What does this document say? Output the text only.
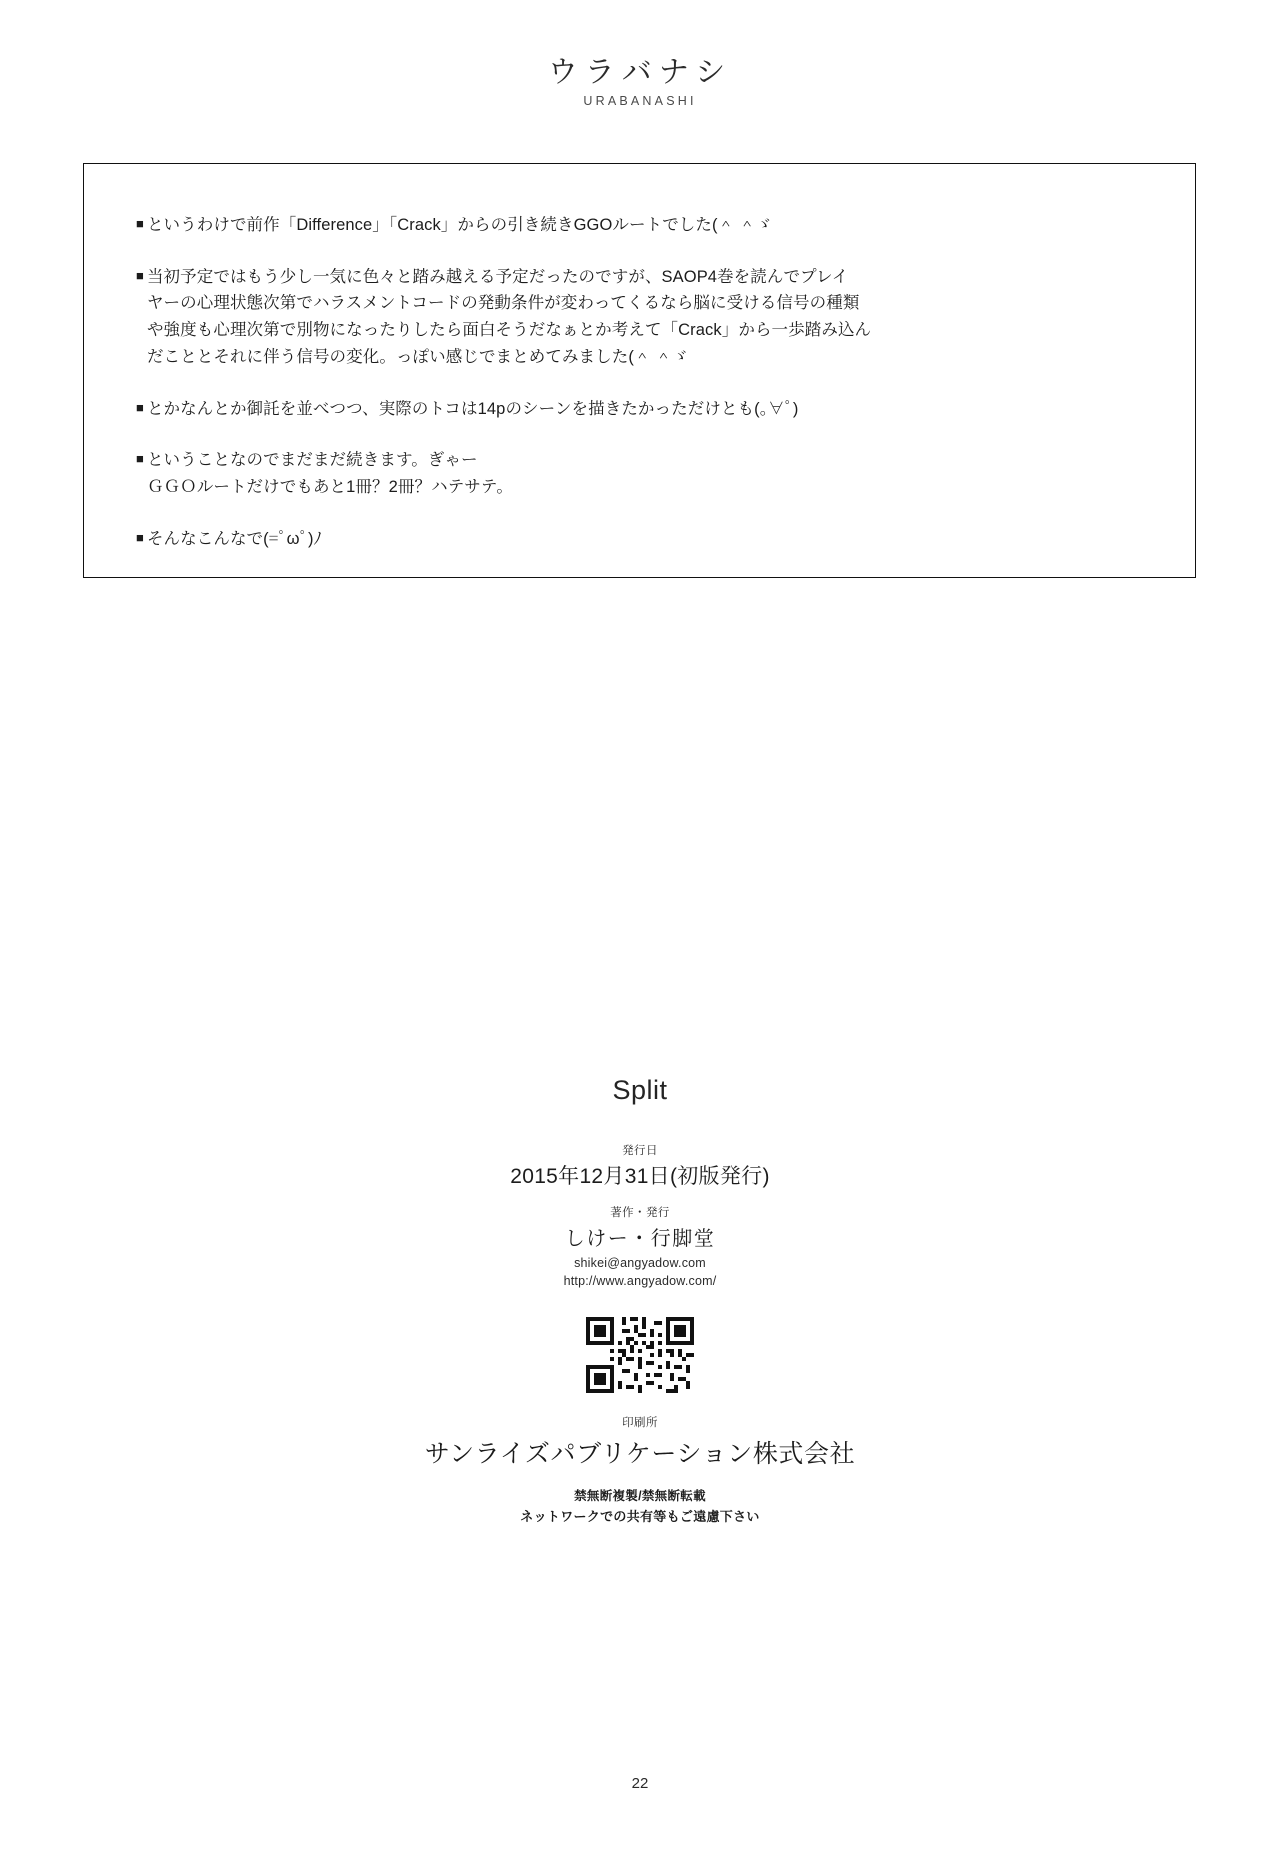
ウラバナシ
URABANASHI
■ というわけで前作「Difference」「Crack」からの引き続きGGOルートでした(＾ ＾ゞ
■ 当初予定ではもう少し一気に色々と踏み越える予定だったのですが、SAOP4巻を読んでプレイ
ヤーの心理状態次第でハラスメントコードの発動条件が変わってくるなら脳に受ける信号の種類
や強度も心理次第で別物になったりしたら面白そうだなぁとか考えて「Crack」から一歩踏み込ん
だこととそれに伴う信号の変化。っぽい感じでまとめてみました(＾ ＾ゞ
■ とかなんとか御託を並べつつ、実際のトコは14pのシーンを描きたかっただけとも(｡∀ﾟ)
■ ということなのでまだまだ続きます。ぎゃー
ＧＧＯルートだけでもあと1冊？2冊？ハテサテ。
■ そんなこんなで(=ﾟωﾟ)ﾉ
Split
発行日
2015年12月31日(初版発行)
著作・発行
しけー・行脚堂
shikei@angyadow.com
http://www.angyadow.com/
印刷所
サンライズパブリケーション株式会社
禁無断複製/禁無断転載
ネットワークでの共有等もご遠慮下さい
22
